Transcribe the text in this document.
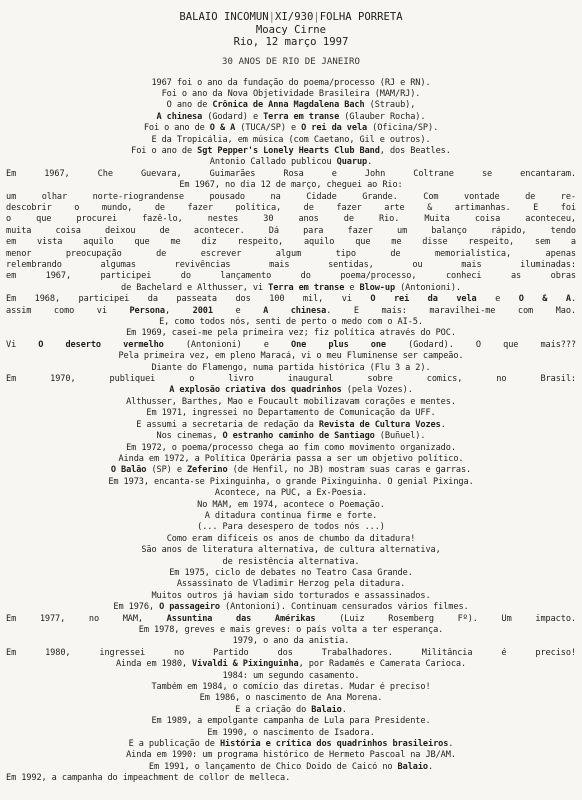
BALAIO INCOMUN|XI/930|FOLHA PORRETA
Moacy Cirne
Rio, 12 março 1997
30 ANOS DE RIO DE JANEIRO
1967 foi o ano da fundação do poema/processo (RJ e RN).
Foi o ano da Nova Objetividade Brasileira (MAM/RJ).
O ano de Crônica de Anna Magdalena Bach (Straub),
A chinesa (Godard) e Terra em transe (Glauber Rocha).
Foi o ano de O & A (TUCA/SP) e O rei da vela (Oficina/SP).
E da Tropicália, em música (com Caetano, Gil e outros).
Foi o ano de Sgt Pepper's Lonely Hearts Club Band, dos Beatles.
Antonio Callado publicou Quarup.
Em 1967, Che Guevara, Guimarães Rosa e John Coltrane se encantaram.
Em 1967, no dia 12 de março, cheguei ao Rio:
um olhar norte-riograndense pousado na Cidade Grande. Com vontade de re-
descobrir o mundo, de fazer política, de fazer arte & artimanhas. E foi
o que procurei fazê-lo, nestes 30 anos de Rio. Muita coisa aconteceu,
muita coisa deixou de acontecer. Dá para fazer um balanço rápido, tendo
em vista aquilo que me diz respeito, aquilo que me disse respeito, sem a
menor preocupação de escrever algum tipo de memorialística, apenas
relembrando algumas revivências mais sentidas, ou mais iluminadas:
em 1967, participei do lançamento do poema/processo, conheci as obras
de Bachelard e Althusser, vi Terra em transe e Blow-up (Antonioni).
Em 1968, participei da passeata dos 100 mil, vi O rei da vela e O & A.
assim como vi Persona, 2001 e A chinesa. E mais: maravilhei-me com Mao.
E, como todos nós, senti de perto o medo com o AI-5.
Em 1969, casei-me pela primeira vez; fiz política através do POC.
Vi O deserto vermelho (Antonioni) e One plus one (Godard). O que mais???
Pela primeira vez, em pleno Maracá, vi o meu Fluminense ser campeão.
Diante do Flamengo, numa partida histórica (Flu 3 a 2).
Em 1970, publiquei o livro inaugural sobre comics, no Brasil:
A explosão criativa dos quadrinhos (pela Vozes).
Althusser, Barthes, Mao e Foucault mobilizavam corações e mentes.
Em 1971, ingressei no Departamento de Comunicação da UFF.
E assumi a secretaria de redação da Revista de Cultura Vozes.
Nos cinemas, O estranho caminho de Santiago (Buñuel).
Em 1972, o poema/processo chega ao fim como movimento organizado.
Ainda em 1972, a Política Operária passa a ser um objetivo político.
O Balão (SP) e Zeferino (de Henfil, no JB) mostram suas caras e garras.
Em 1973, encanta-se Pixinguinha, o grande Pixinguinha. O genial Pixinga.
Acontece, na PUC, a Ex-Poesia.
No MAM, em 1974, acontece o Poemação.
A ditadura continua firme e forte.
(... Para desespero de todos nós ...)
Como eram difíceis os anos de chumbo da ditadura!
São anos de literatura alternativa, de cultura alternativa,
de resistência alternativa.
Em 1975, ciclo de debates no Teatro Casa Grande.
Assassinato de Vladimir Herzog pela ditadura.
Muitos outros já haviam sido torturados e assassinados.
Em 1976, O passageiro (Antonioni). Continuam censurados vários filmes.
Em 1977, no MAM, Assuntina das Amérikas (Luiz Rosemberg Fº). Um impacto.
Em 1978, greves e mais greves: o país volta a ter esperança.
1979, o ano da anistia.
Em 1980, ingressei no Partido dos Trabalhadores. Militância é preciso!
Ainda em 1980, Vivaldi & Pixinguinha, por Radamés e Camerata Carioca.
1984: um segundo casamento.
Também em 1984, o comício das diretas. Mudar é preciso!
Em 1986, o nascimento de Ana Morena.
E a criação do Balaio.
Em 1989, a empolgante campanha de Lula para Presidente.
Em 1990, o nascimento de Isadora.
E a publicação de História e crítica dos quadrinhos brasileiros.
Ainda em 1990: um programa histórico de Hermeto Pascoal na JB/AM.
Em 1991, o lançamento de Chico Doido de Caicó no Balaio.
Em 1992, a campanha do impeachment de collor de melleca.
